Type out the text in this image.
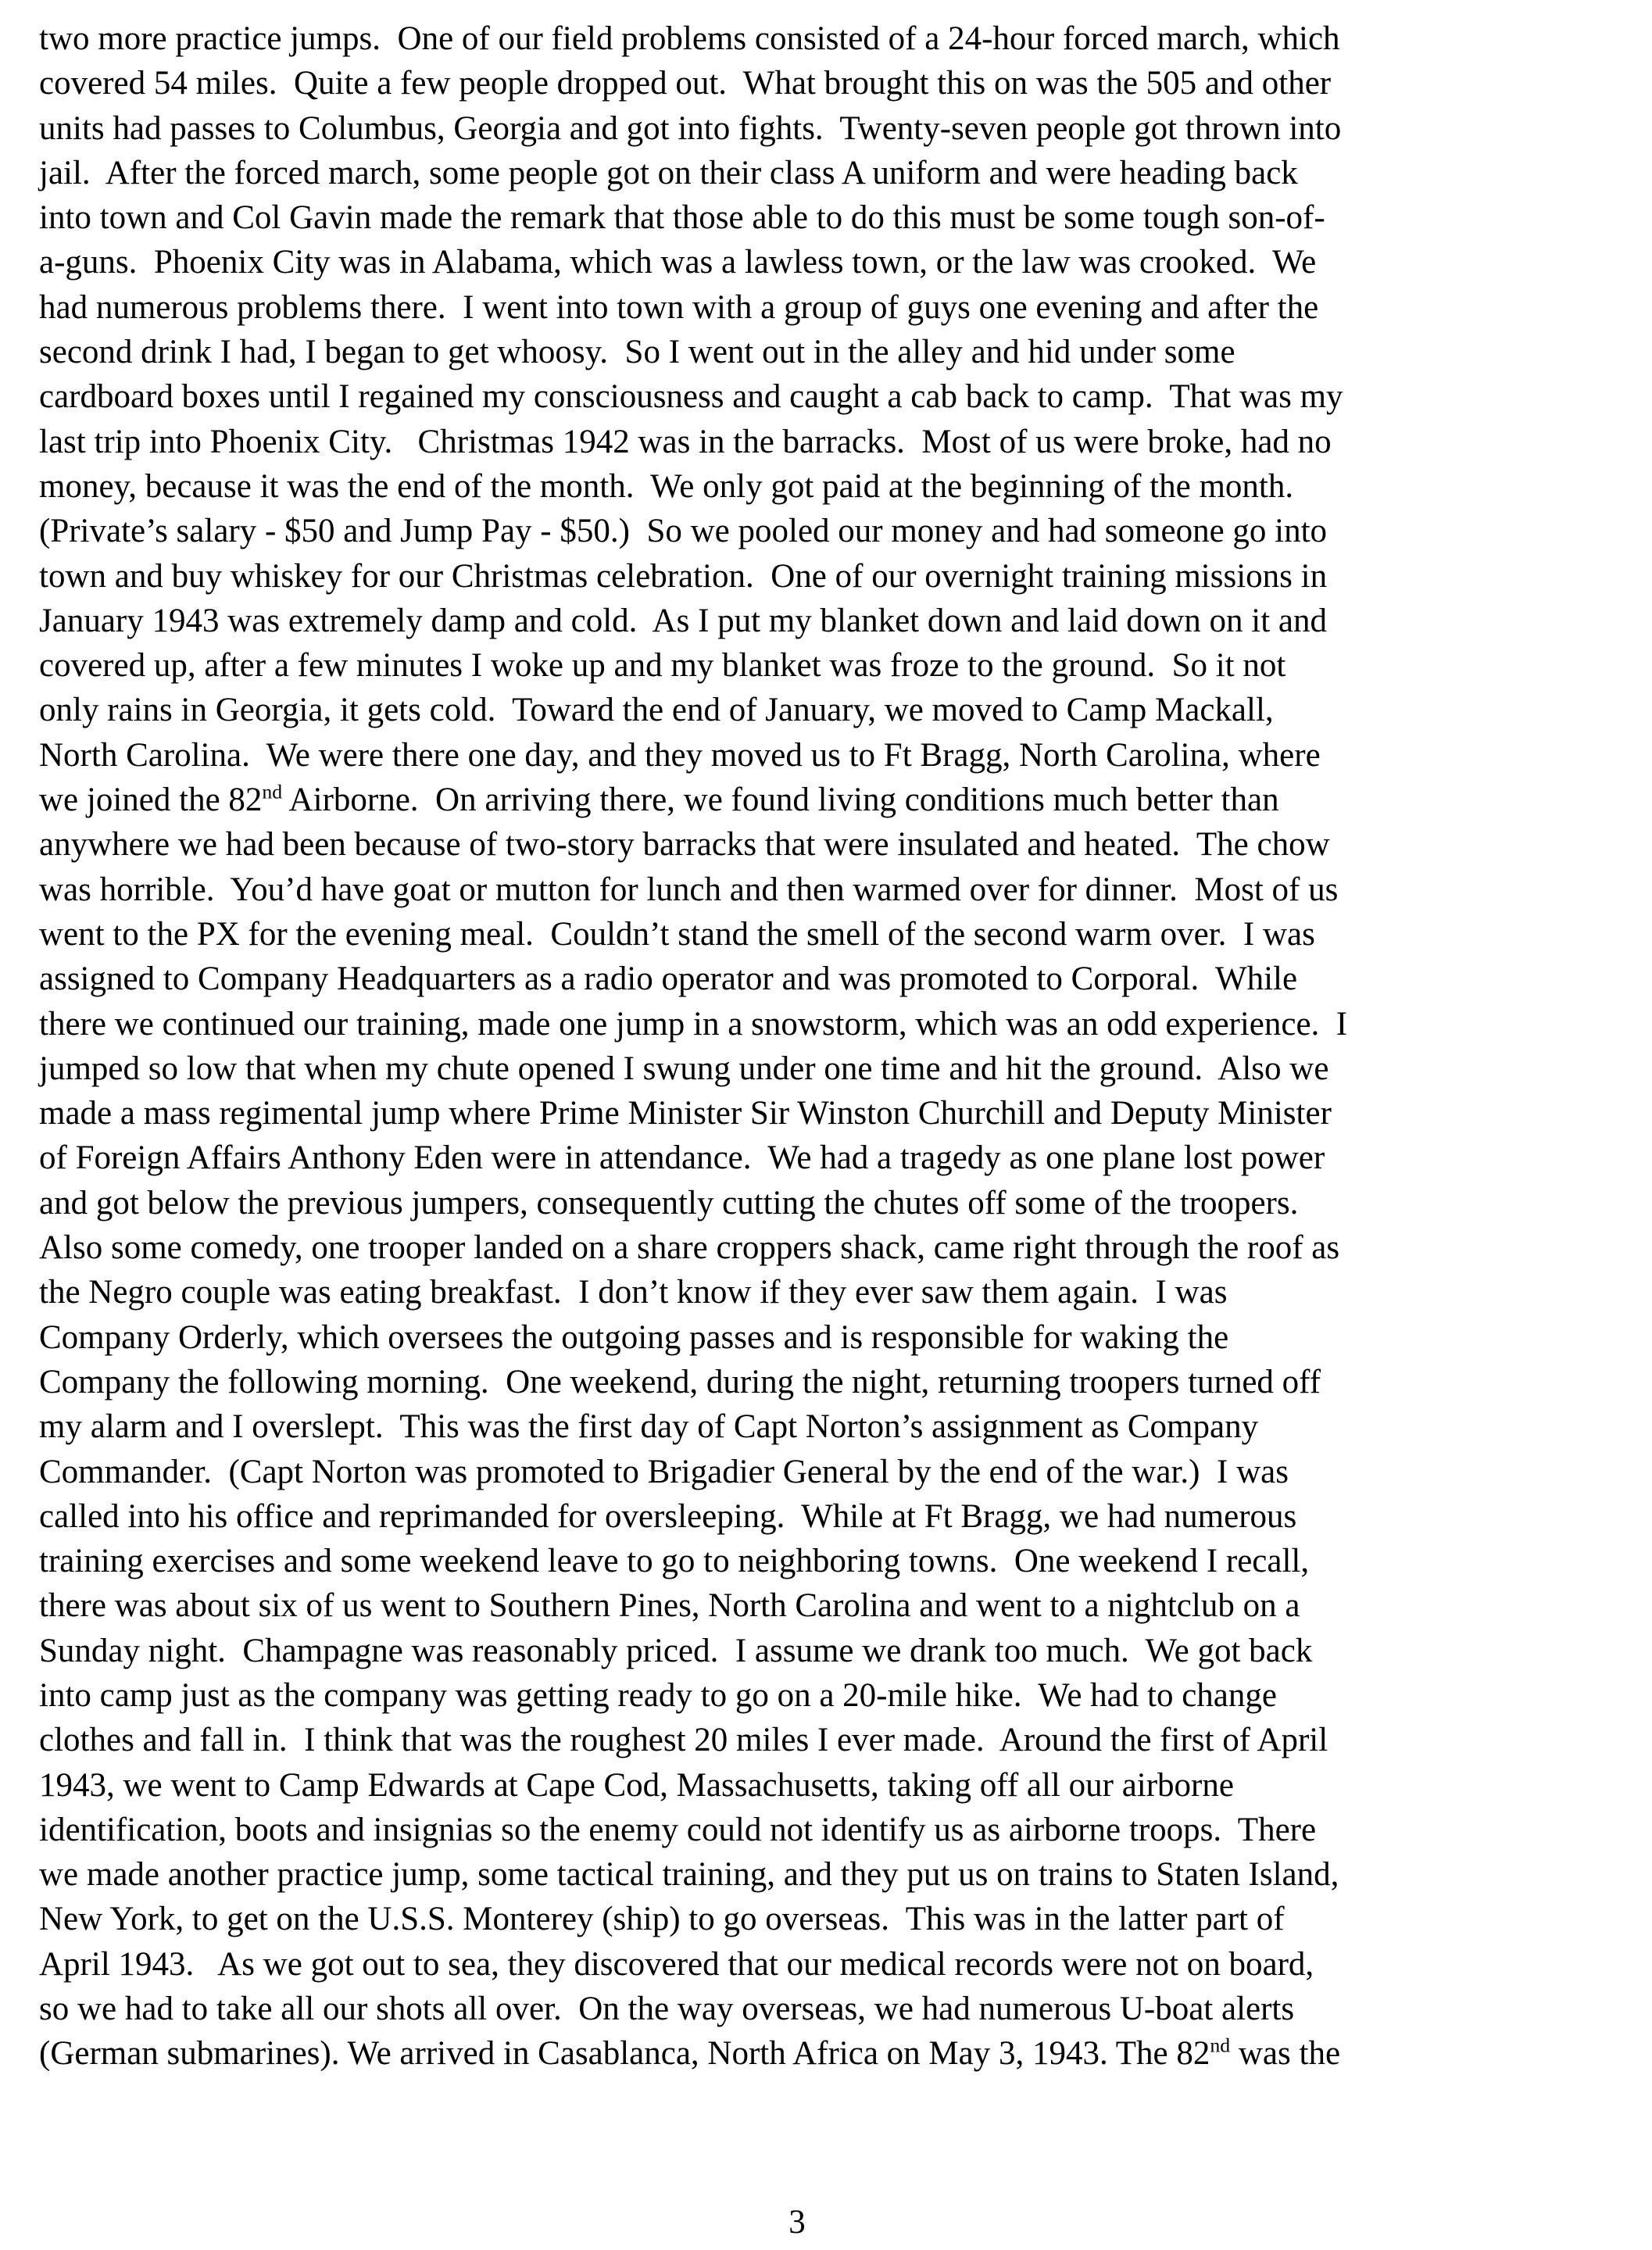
two more practice jumps.  One of our field problems consisted of a 24-hour forced march, which
covered 54 miles.  Quite a few people dropped out.  What brought this on was the 505 and other
units had passes to Columbus, Georgia and got into fights.  Twenty-seven people got thrown into
jail.  After the forced march, some people got on their class A uniform and were heading back
into town and Col Gavin made the remark that those able to do this must be some tough son-of-
a-guns.  Phoenix City was in Alabama, which was a lawless town, or the law was crooked.  We
had numerous problems there.  I went into town with a group of guys one evening and after the
second drink I had, I began to get whoosy.  So I went out in the alley and hid under some
cardboard boxes until I regained my consciousness and caught a cab back to camp.  That was my
last trip into Phoenix City.   Christmas 1942 was in the barracks.  Most of us were broke, had no
money, because it was the end of the month.  We only got paid at the beginning of the month.
(Private’s salary - $50 and Jump Pay - $50.)  So we pooled our money and had someone go into
town and buy whiskey for our Christmas celebration.  One of our overnight training missions in
January 1943 was extremely damp and cold.  As I put my blanket down and laid down on it and
covered up, after a few minutes I woke up and my blanket was froze to the ground.  So it not
only rains in Georgia, it gets cold.  Toward the end of January, we moved to Camp Mackall,
North Carolina.  We were there one day, and they moved us to Ft Bragg, North Carolina, where
we joined the 82nd Airborne.  On arriving there, we found living conditions much better than
anywhere we had been because of two-story barracks that were insulated and heated.  The chow
was horrible.  You’d have goat or mutton for lunch and then warmed over for dinner.  Most of us
went to the PX for the evening meal.  Couldn’t stand the smell of the second warm over.  I was
assigned to Company Headquarters as a radio operator and was promoted to Corporal.  While
there we continued our training, made one jump in a snowstorm, which was an odd experience.  I
jumped so low that when my chute opened I swung under one time and hit the ground.  Also we
made a mass regimental jump where Prime Minister Sir Winston Churchill and Deputy Minister
of Foreign Affairs Anthony Eden were in attendance.  We had a tragedy as one plane lost power
and got below the previous jumpers, consequently cutting the chutes off some of the troopers.
Also some comedy, one trooper landed on a share croppers shack, came right through the roof as
the Negro couple was eating breakfast.  I don’t know if they ever saw them again.  I was
Company Orderly, which oversees the outgoing passes and is responsible for waking the
Company the following morning.  One weekend, during the night, returning troopers turned off
my alarm and I overslept.  This was the first day of Capt Norton’s assignment as Company
Commander.  (Capt Norton was promoted to Brigadier General by the end of the war.)  I was
called into his office and reprimanded for oversleeping.  While at Ft Bragg, we had numerous
training exercises and some weekend leave to go to neighboring towns.  One weekend I recall,
there was about six of us went to Southern Pines, North Carolina and went to a nightclub on a
Sunday night.  Champagne was reasonably priced.  I assume we drank too much.  We got back
into camp just as the company was getting ready to go on a 20-mile hike.  We had to change
clothes and fall in.  I think that was the roughest 20 miles I ever made.  Around the first of April
1943, we went to Camp Edwards at Cape Cod, Massachusetts, taking off all our airborne
identification, boots and insignias so the enemy could not identify us as airborne troops.  There
we made another practice jump, some tactical training, and they put us on trains to Staten Island,
New York, to get on the U.S.S. Monterey (ship) to go overseas.  This was in the latter part of
April 1943.   As we got out to sea, they discovered that our medical records were not on board,
so we had to take all our shots all over.  On the way overseas, we had numerous U-boat alerts
(German submarines). We arrived in Casablanca, North Africa on May 3, 1943. The 82nd was the
3
